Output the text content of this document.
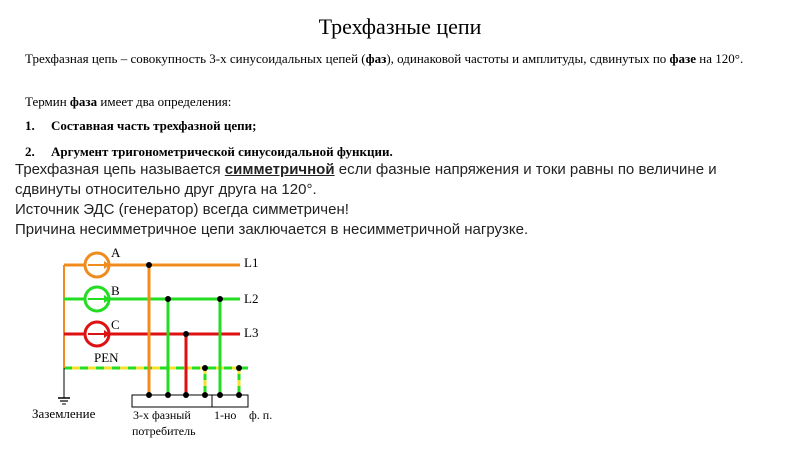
Трехфазные цепи
Трехфазная цепь – совокупность 3-х синусоидальных цепей (фаз), одинаковой частоты и амплитуды, сдвинутых по фазе на 120°.
Термин фаза имеет два определения:
1. Составная часть трехфазной цепи;
2. Аргумент тригонометрической синусоидальной функции.
Трехфазная цепь называется симметричной если фазные напряжения и токи равны по величине и сдвинуты относительно друг друга на 120°.
Источник ЭДС (генератор) всегда симметричен!
Причина несимметричное цепи заключается в несимметричной нагрузке.
A
B
C
L1
L2
L3
PEN
Заземление	3-х фазный
потребитель
1-но ф. п.
